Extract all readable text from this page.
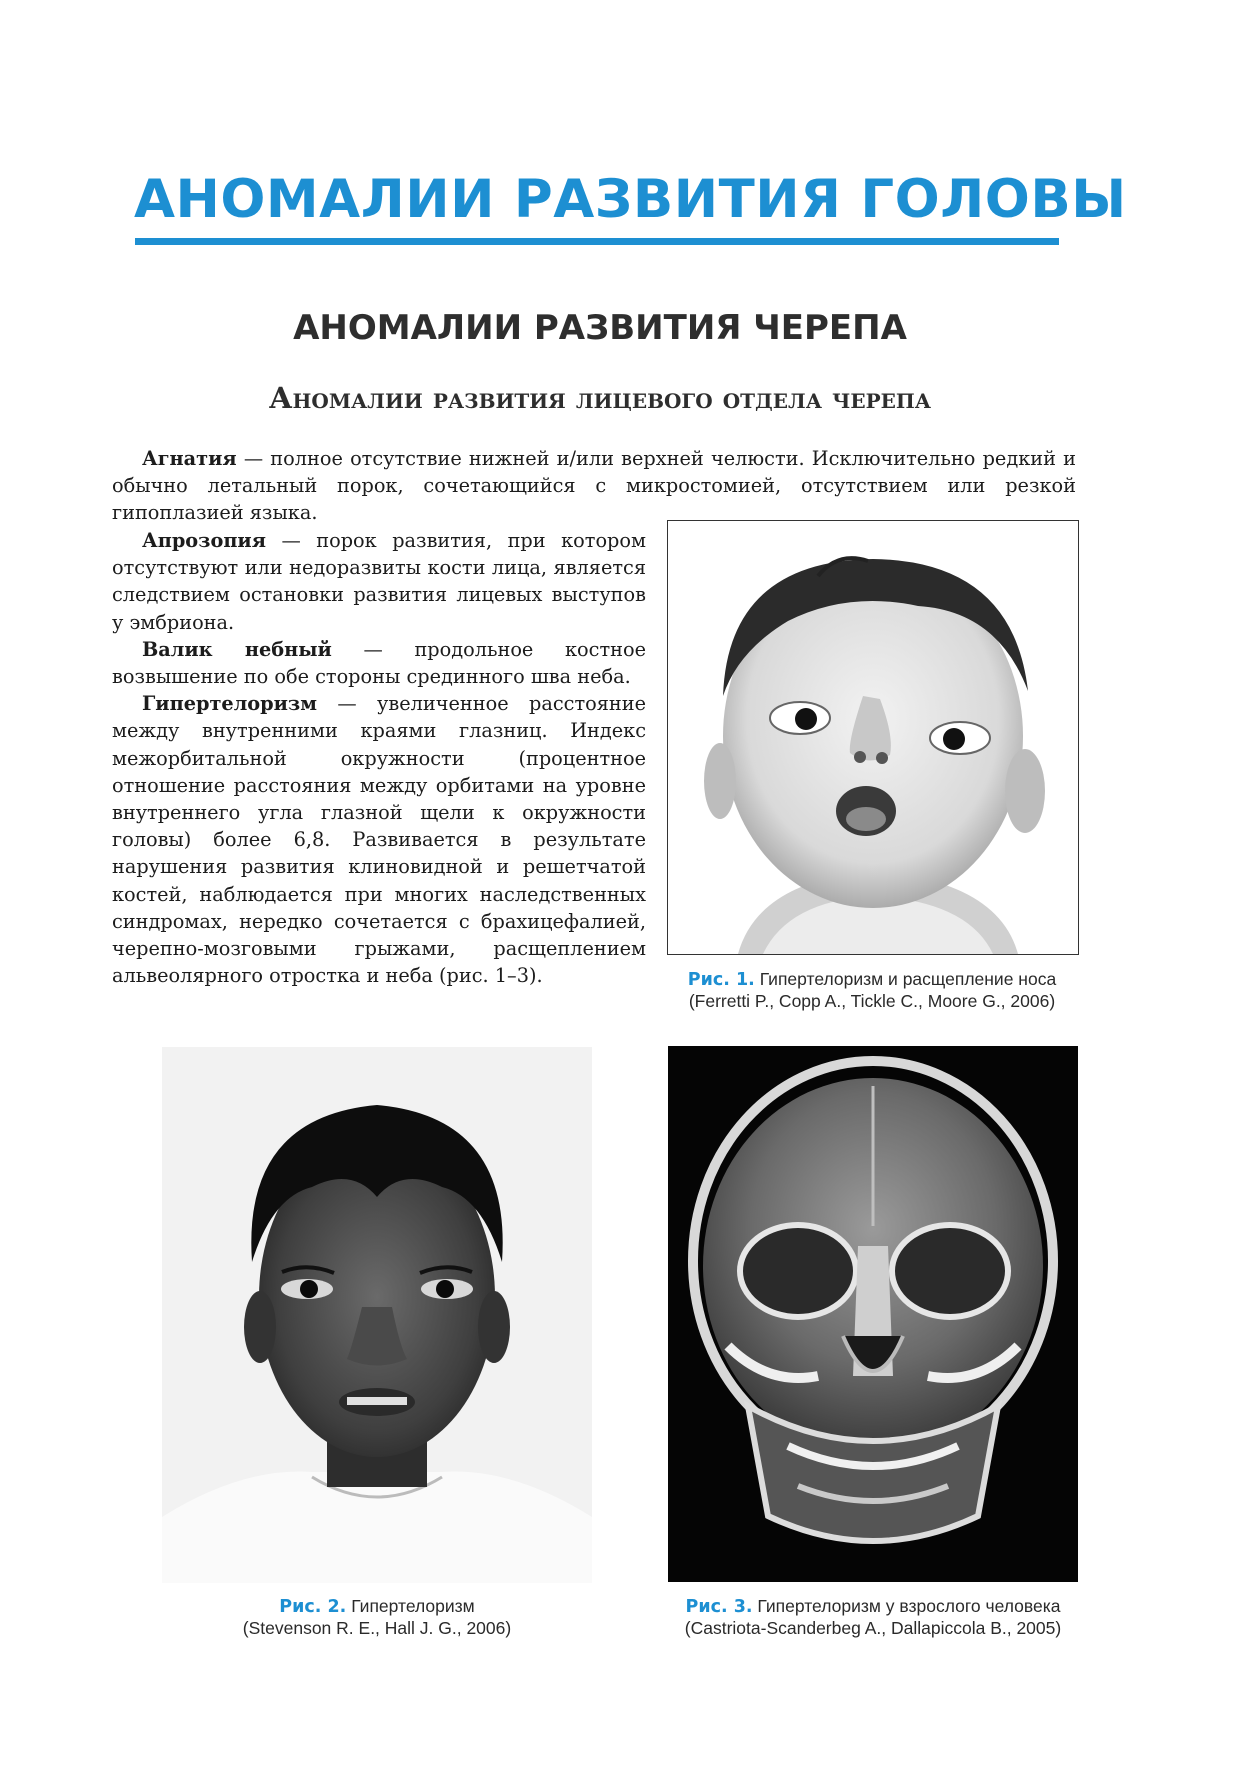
АНОМАЛИИ РАЗВИТИЯ ГОЛОВЫ
АНОМАЛИИ РАЗВИТИЯ ЧЕРЕПА
Аномалии развития лицевого отдела черепа

Агнатия — полное отсутствие нижней и/или верхней челюсти. Исключительно редкий и обычно летальный порок, сочетающийся с микростомией, отсутствием или резкой гипоплазией языка.

Апрозопия — порок развития, при котором отсутствуют или недоразвиты кости лица, является следствием остановки развития лицевых выступов у эмбриона.

Валик небный — продольное костное возвышение по обе стороны срединного шва неба.

Гипертелоризм — увеличенное расстояние между внутренними краями глазниц. Индекс межорбитальной окружности (процентное отношение расстояния между орбитами на уровне внутреннего угла глазной щели к окружности головы) более 6,8. Развивается в результате нарушения развития клиновидной и решетчатой костей, наблюдается при многих наследственных синдромах, нередко сочетается с брахицефалией, черепно-мозговыми грыжами, расщеплением альвеолярного отростка и неба (рис. 1–3).	Рис. 1. Гипертелоризм и расщепление носа
(Ferretti P., Copp A., Tickle C., Moore G., 2006)
Рис. 2. Гипертелоризм
(Stevenson R. E., Hall J. G., 2006)
Рис. 3. Гипертелоризм у взрослого человека
(Castriota-Scanderbeg A., Dallapiccola B., 2005)
